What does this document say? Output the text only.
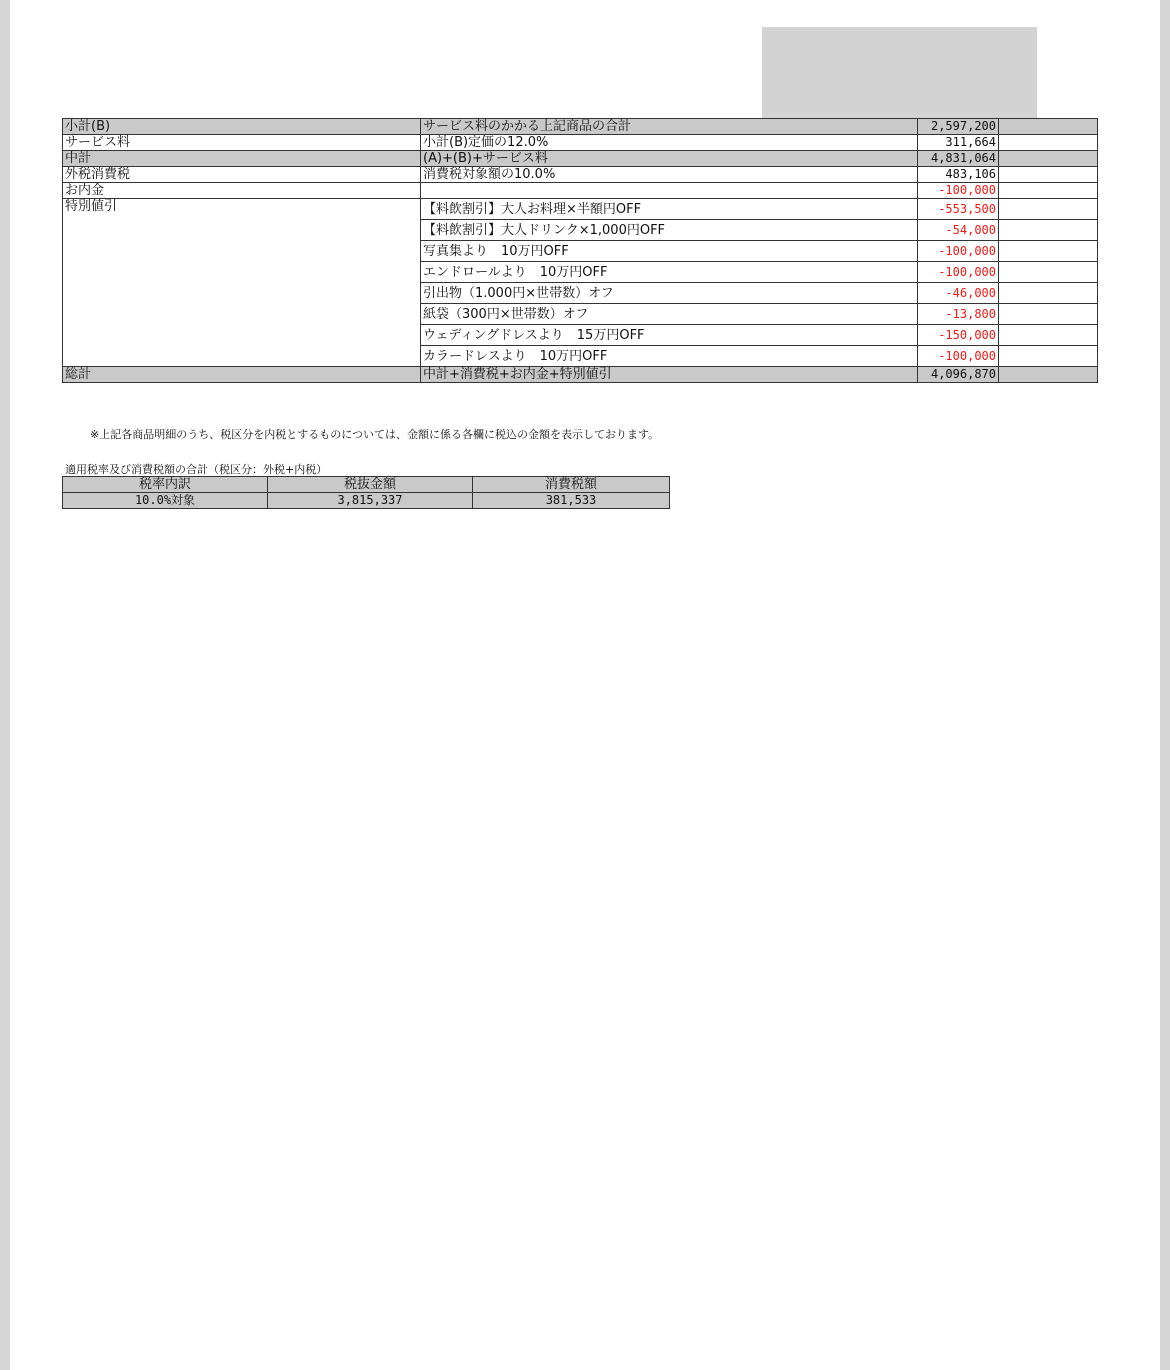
小計(B)	サービス料のかかる上記商品の合計	2,597,200	
サービス料	小計(B)定価の12.0%	311,664	
中計	(A)+(B)+サービス料	4,831,064	
外税消費税	消費税対象額の10.0%	483,106	
お内金		-100,000	
特別値引	【料飲割引】大人お料理×半額円OFF	-553,500	
	【料飲割引】大人ドリンク×1,000円OFF	-54,000	
	写真集より　10万円OFF	-100,000	
	エンドロールより　10万円OFF	-100,000	
	引出物（1.000円×世帯数）オフ	-46,000	
	紙袋（300円×世帯数）オフ	-13,800	
	ウェディングドレスより　15万円OFF	-150,000	
	カラードレスより　10万円OFF	-100,000	
総計	中計+消費税+お内金+特別値引	4,096,870	
※上記各商品明細のうち、税区分を内税とするものについては、金額に係る各欄に税込の金額を表示しております。
適用税率及び消費税額の合計（税区分：外税+内税）
税率内訳	税抜金額	消費税額
10.0%対象	3,815,337	381,533
